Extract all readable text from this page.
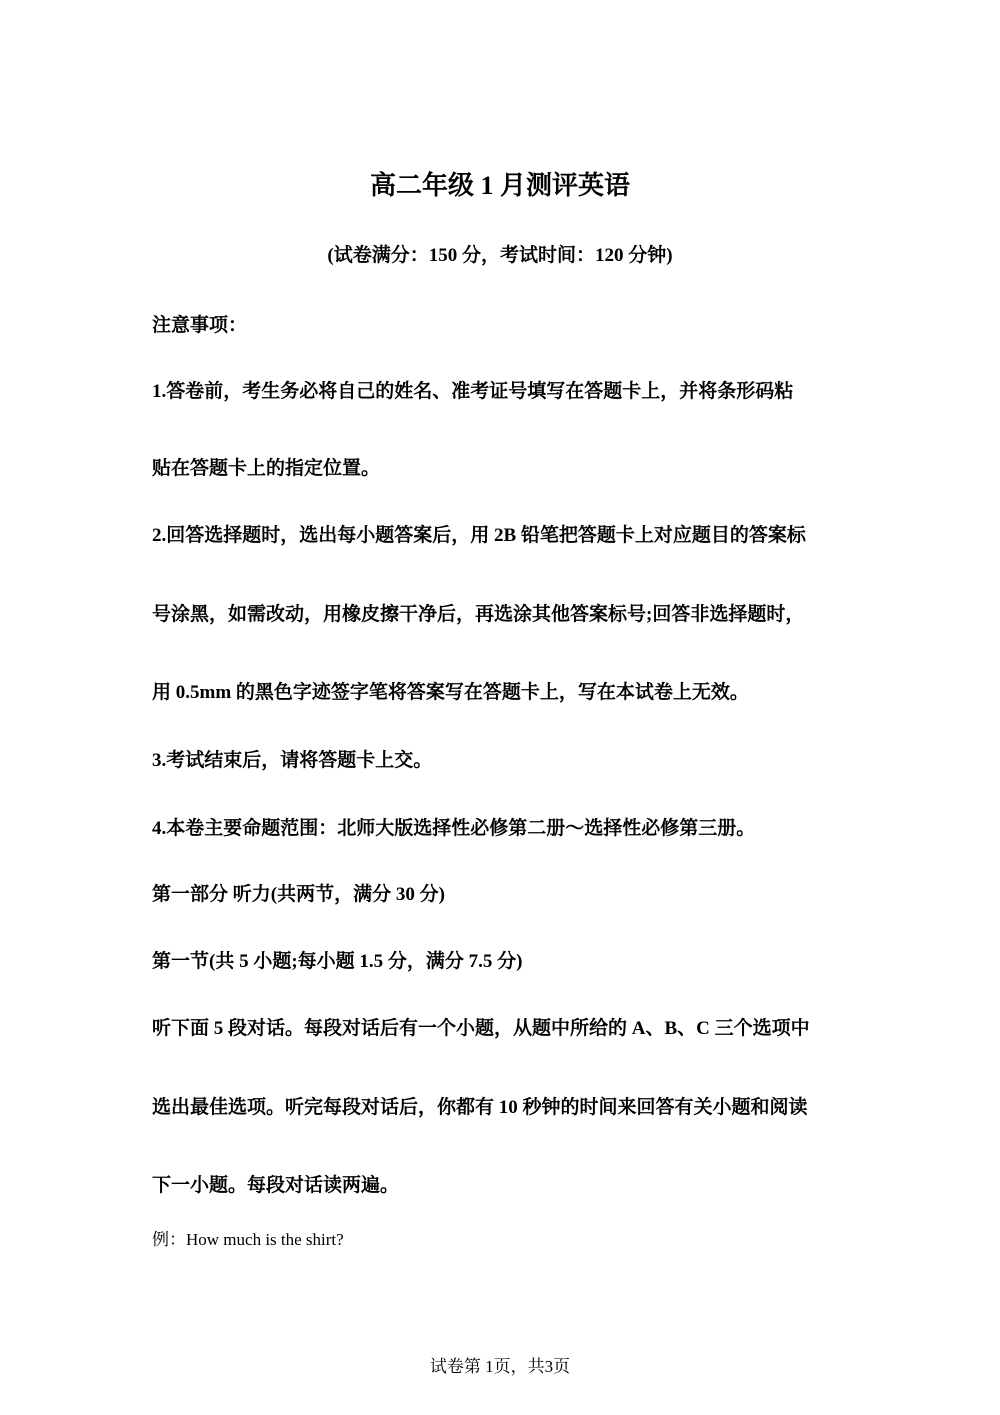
高二年级 1 月测评英语
(试卷满分：150 分，考试时间：120 分钟)
注意事项：
1.答卷前，考生务必将自己的姓名、准考证号填写在答题卡上，并将条形码粘
贴在答题卡上的指定位置。
2.回答选择题时，选出每小题答案后，用 2B 铅笔把答题卡上对应题目的答案标
号涂黑，如需改动，用橡皮擦干净后，再选涂其他答案标号;回答非选择题时，
用 0.5mm 的黑色字迹签字笔将答案写在答题卡上，写在本试卷上无效。
3.考试结束后，请将答题卡上交。
4.本卷主要命题范围：北师大版选择性必修第二册～选择性必修第三册。
第一部分 听力(共两节，满分 30 分)
第一节(共 5 小题;每小题 1.5 分，满分 7.5 分)
听下面 5 段对话。每段对话后有一个小题，从题中所给的 A、B、C 三个选项中
选出最佳选项。听完每段对话后，你都有 10 秒钟的时间来回答有关小题和阅读
下一小题。每段对话读两遍。
例：How much is the shirt?
试卷第 1页，共3页
